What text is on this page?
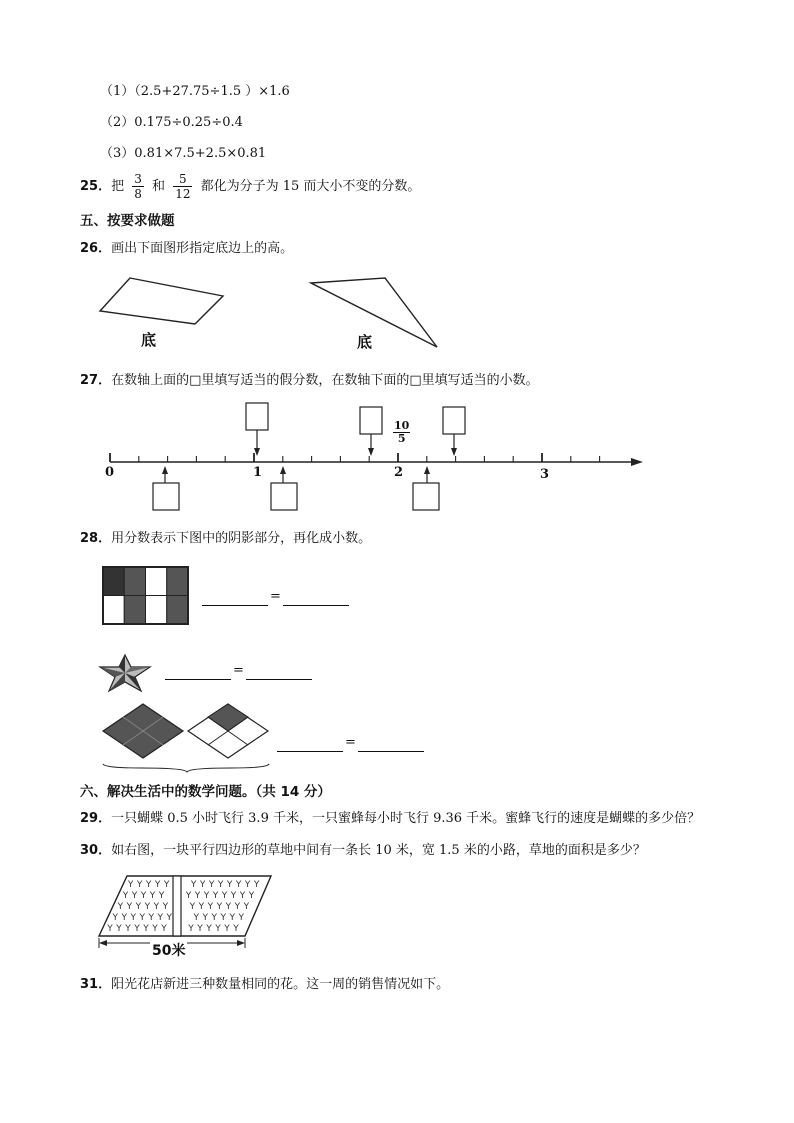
（1）（2.5+27.75÷1.5 ）×1.6
（2）0.175÷0.25÷0.4
（3）0.81×7.5+2.5×0.81
25．把 $\frac{3}{8}$ 和 $\frac{5}{12}$ 都化为分子为 15 而大小不变的分数。
五、按要求做题
26．画出下面图形指定底边上的高。
底	底
27．在数轴上面的□里填写适当的假分数，在数轴下面的□里填写适当的小数。
0	1	2	3
$\frac{10}{5}$
28．用分数表示下图中的阴影部分，再化成小数。
=
=
=
六、解决生活中的数学问题。（共 14 分）
29．一只蝴蝶 0.5 小时飞行 3.9 千米，一只蜜蜂每小时飞行 9.36 千米。蜜蜂飞行的速度是蝴蝶的多少倍？
30．如右图，一块平行四边形的草地中间有一条长 10 米，宽 1.5 米的小路，草地的面积是多少？
Y Y Y Y Y Y Y Y Y Y Y Y Y
Y Y Y Y Y Y Y Y Y Y Y Y Y
Y Y Y Y Y Y Y Y Y Y Y Y Y
Y Y Y Y Y Y Y Y Y Y Y Y Y
Y Y Y Y Y Y Y Y Y Y Y Y Y
50米
31．阳光花店新进三种数量相同的花。这一周的销售情况如下。
